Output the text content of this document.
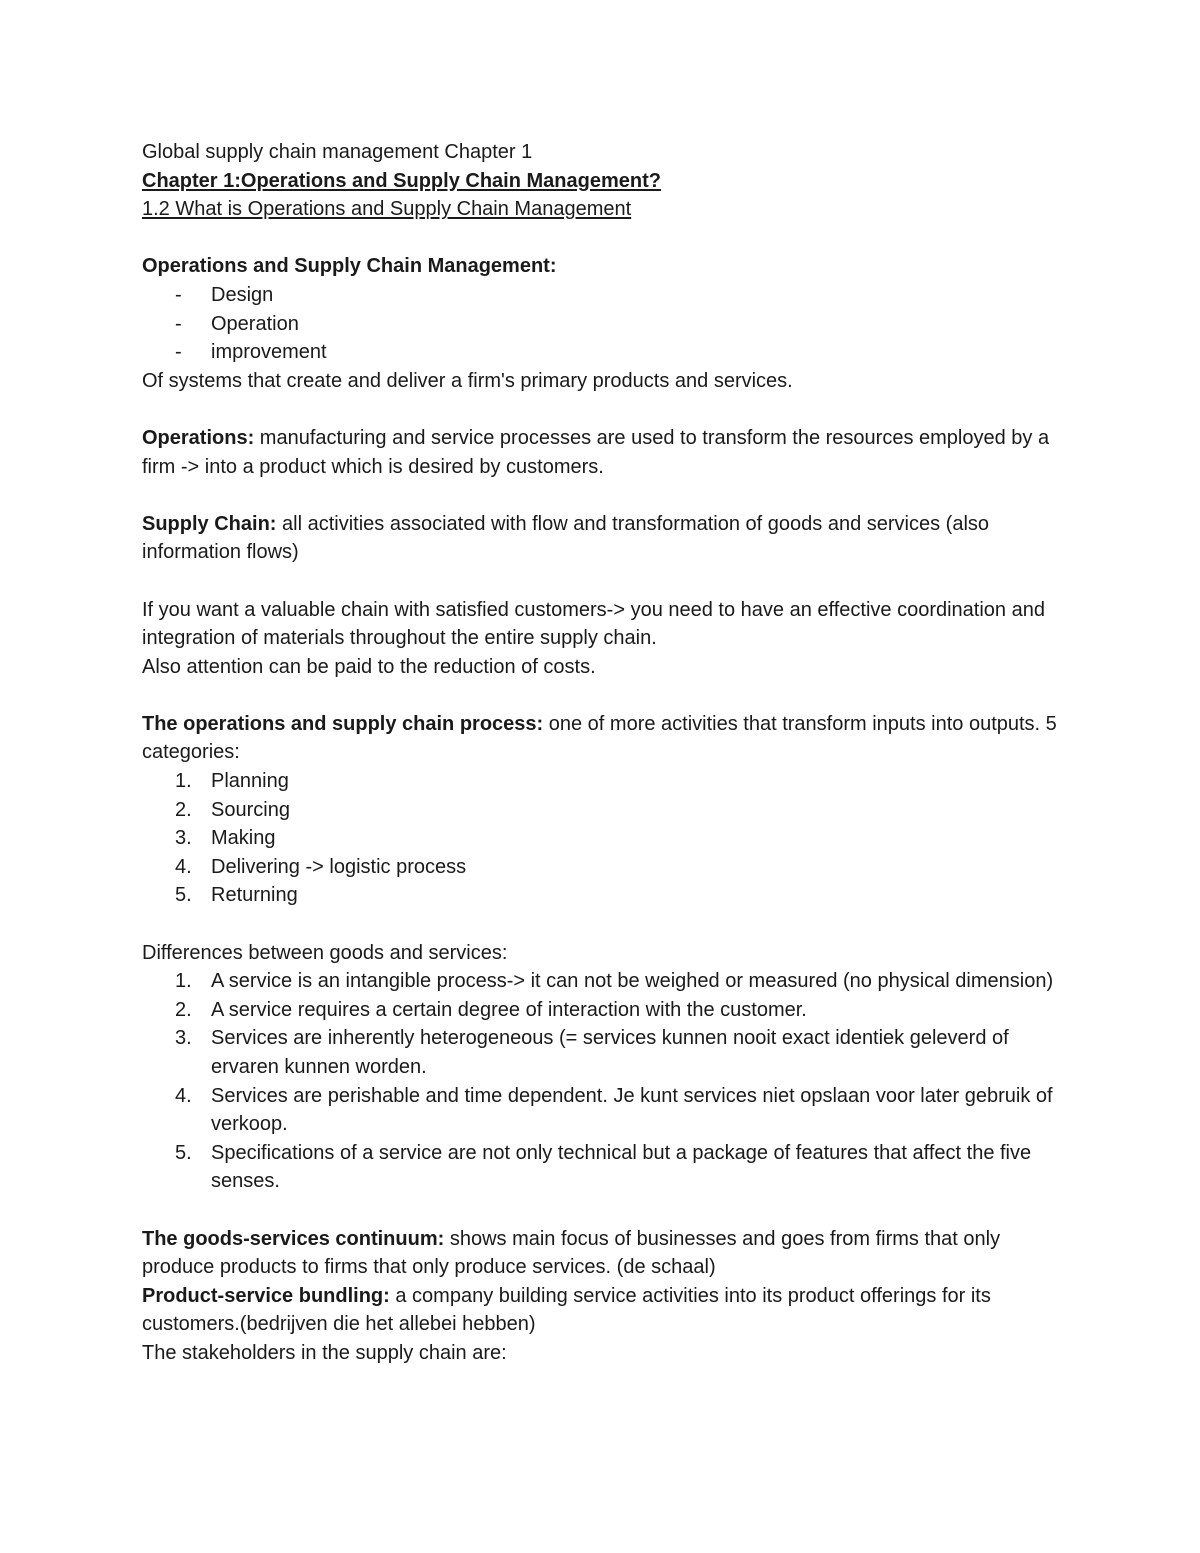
Global supply chain management Chapter 1

Chapter 1:Operations and Supply Chain Management?

1.2 What is Operations and Supply Chain Management

Operations and Supply Chain Management:

- Design
- Operation
- improvement

Of systems that create and deliver a firm's primary products and services.

Operations: manufacturing and service processes are used to transform the resources employed by a firm -> into a product which is desired by customers.

Supply Chain: all activities associated with flow and transformation of goods and services (also information flows)

If you want a valuable chain with satisfied customers-> you need to have an effective coordination and integration of materials throughout the entire supply chain.

Also attention can be paid to the reduction of costs.

The operations and supply chain process: one of more activities that transform inputs into outputs. 5 categories:

1. Planning
2. Sourcing
3. Making
4. Delivering -> logistic process
5. Returning

Differences between goods and services:

1. A service is an intangible process-> it can not be weighed or measured (no physical dimension)
2. A service requires a certain degree of interaction with the customer.
3. Services are inherently heterogeneous (= services kunnen nooit exact identiek geleverd of ervaren kunnen worden.
4. Services are perishable and time dependent. Je kunt services niet opslaan voor later gebruik of verkoop.
5. Specifications of a service are not only technical but a package of features that affect the five senses.

The goods-services continuum: shows main focus of businesses and goes from firms that only produce products to firms that only produce services. (de schaal)

Product-service bundling: a company building service activities into its product offerings for its customers.(bedrijven die het allebei hebben)

The stakeholders in the supply chain are:
